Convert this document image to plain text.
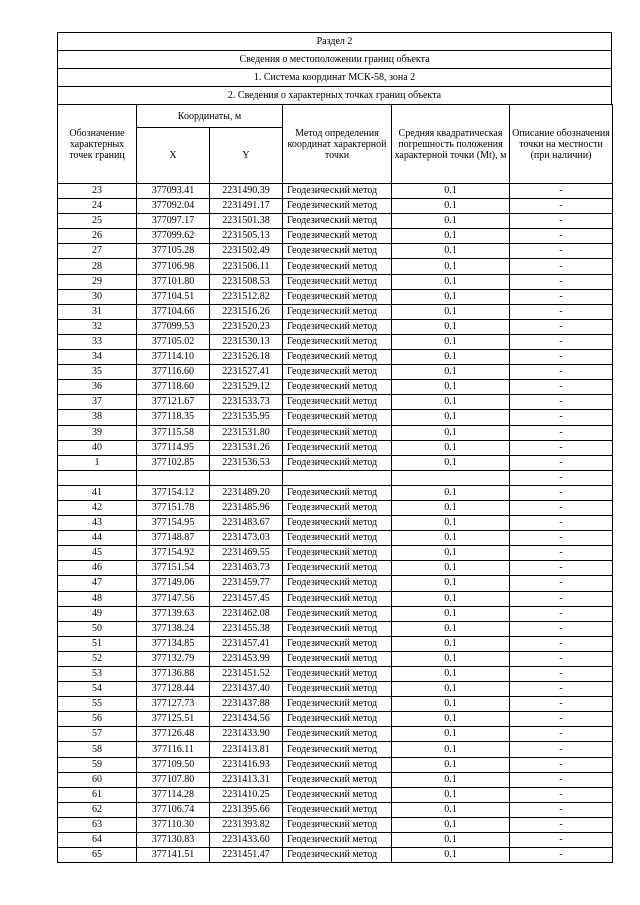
Раздел 2
Сведения о местоположении границ объекта
1. Система координат МСК-58, зона 2
2. Сведения о характерных точках границ объекта
Обозначение характерных точек границ	Координаты, м		Метод определения координат характерной точки	Средняя квадратическая погрешность положения характерной точки (Mt), м	Описание обозначения точки на местности (при наличии)
	X	Y			
23	377093.41	2231490.39	Геодезический метод	0.1	-
24	377092.04	2231491.17	Геодезический метод	0.1	-
25	377097.17	2231501.38	Геодезический метод	0.1	-
26	377099.62	2231505.13	Геодезический метод	0.1	-
27	377105.28	2231502.49	Геодезический метод	0.1	-
28	377106.98	2231506.11	Геодезический метод	0.1	-
29	377101.80	2231508.53	Геодезический метод	0.1	-
30	377104.51	2231512.82	Геодезический метод	0.1	-
31	377104.66	2231516.26	Геодезический метод	0.1	-
32	377099.53	2231520.23	Геодезический метод	0.1	-
33	377105.02	2231530.13	Геодезический метод	0.1	-
34	377114.10	2231526.18	Геодезический метод	0.1	-
35	377116.60	2231527.41	Геодезический метод	0.1	-
36	377118.60	2231529.12	Геодезический метод	0.1	-
37	377121.67	2231533.73	Геодезический метод	0.1	-
38	377118.35	2231535.95	Геодезический метод	0.1	-
39	377115.58	2231531.80	Геодезический метод	0.1	-
40	377114.95	2231531.26	Геодезический метод	0.1	-
1	377102.85	2231536.53	Геодезический метод	0.1	-
					-
41	377154.12	2231489.20	Геодезический метод	0.1	-
42	377151.78	2231485.96	Геодезический метод	0.1	-
43	377154.95	2231483.67	Геодезический метод	0.1	-
44	377148.87	2231473.03	Геодезический метод	0.1	-
45	377154.92	2231469.55	Геодезический метод	0.1	-
46	377151.54	2231463.73	Геодезический метод	0.1	-
47	377149.06	2231459.77	Геодезический метод	0.1	-
48	377147.56	2231457.45	Геодезический метод	0.1	-
49	377139.63	2231462.08	Геодезический метод	0.1	-
50	377138.24	2231455.38	Геодезический метод	0.1	-
51	377134.85	2231457.41	Геодезический метод	0.1	-
52	377132.79	2231453.99	Геодезический метод	0.1	-
53	377136.88	2231451.52	Геодезический метод	0.1	-
54	377128.44	2231437.40	Геодезический метод	0.1	-
55	377127.73	2231437.88	Геодезический метод	0.1	-
56	377125.51	2231434.56	Геодезический метод	0.1	-
57	377126.48	2231433.90	Геодезический метод	0.1	-
58	377116.11	2231413.81	Геодезический метод	0.1	-
59	377109.50	2231416.93	Геодезический метод	0.1	-
60	377107.80	2231413.31	Геодезический метод	0.1	-
61	377114.28	2231410.25	Геодезический метод	0.1	-
62	377106.74	2231395.66	Геодезический метод	0.1	-
63	377110.30	2231393.82	Геодезический метод	0.1	-
64	377130.83	2231433.60	Геодезический метод	0.1	-
65	377141.51	2231451.47	Геодезический метод	0.1	-
